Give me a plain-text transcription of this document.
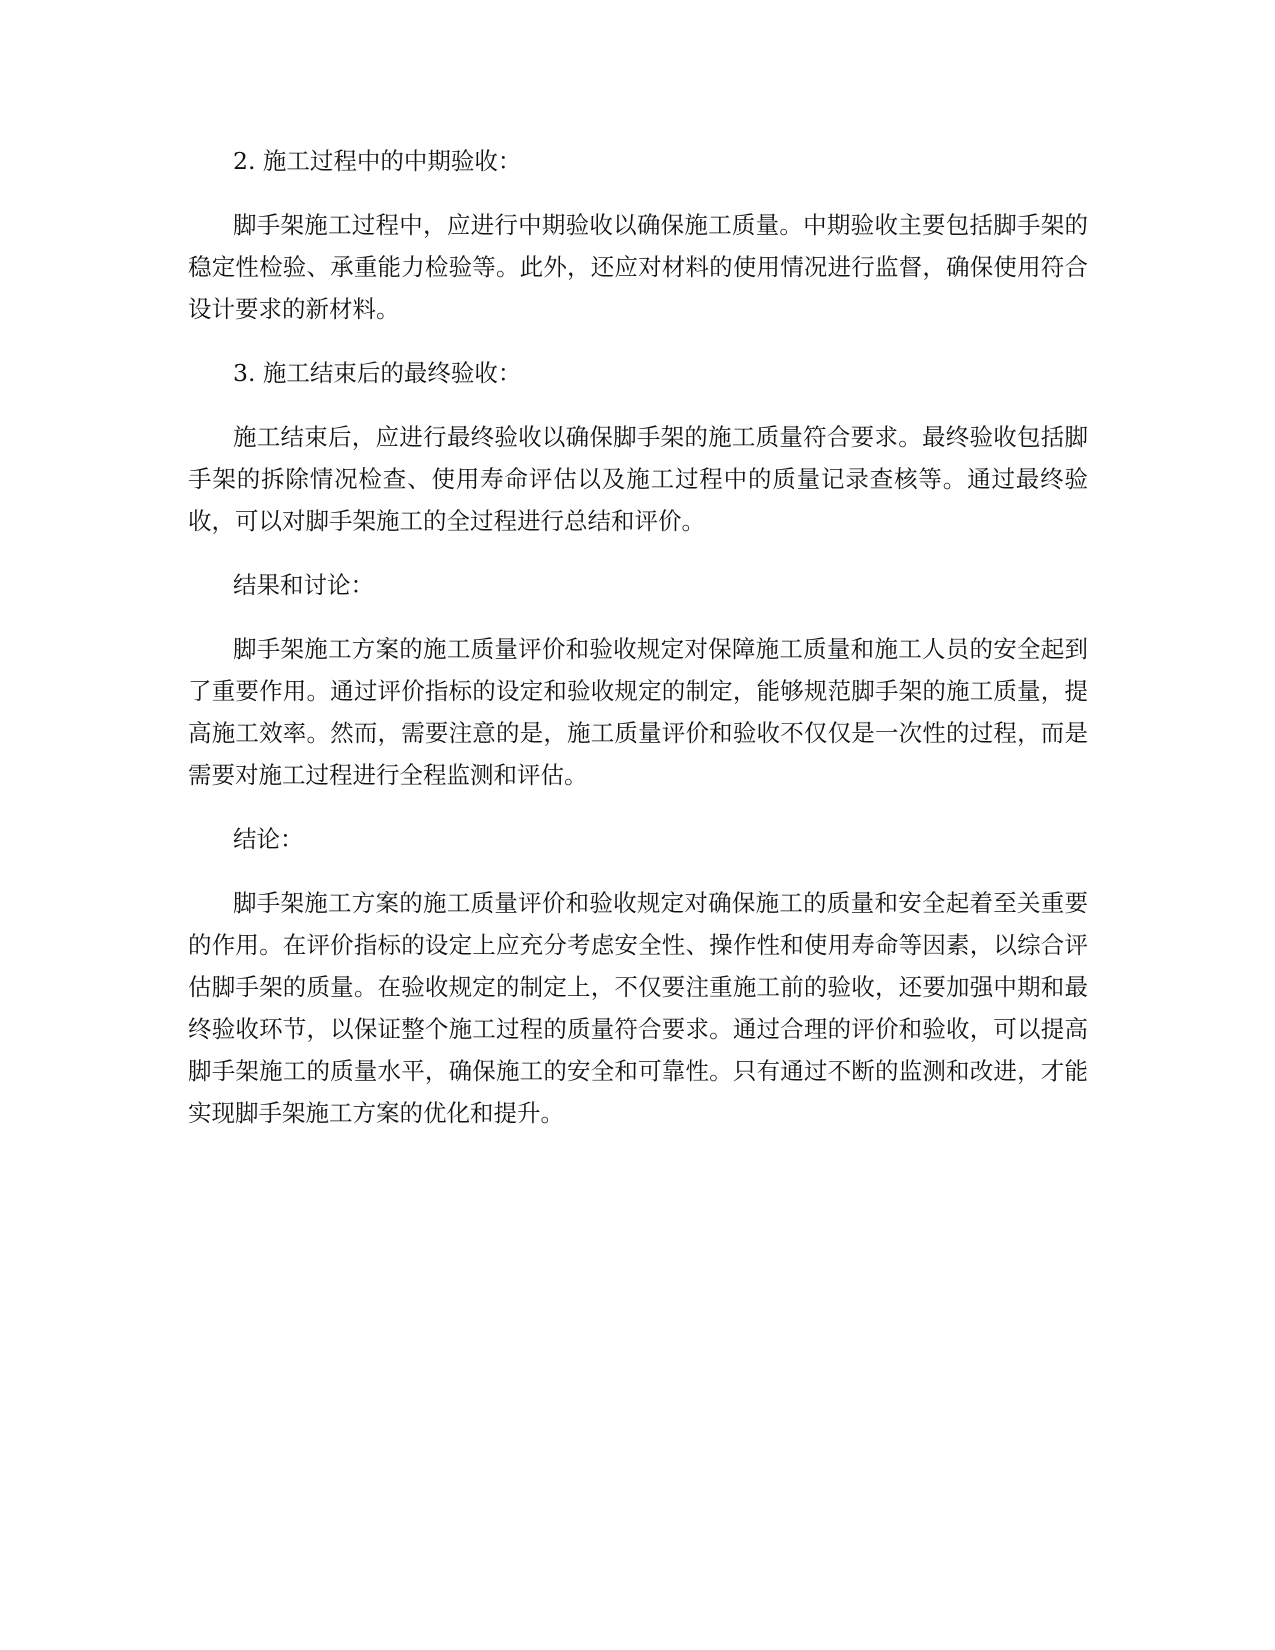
2. 施工过程中的中期验收：

脚手架施工过程中，应进行中期验收以确保施工质量。中期验收主要包括脚手架的稳定性检验、承重能力检验等。此外，还应对材料的使用情况进行监督，确保使用符合设计要求的新材料。

3. 施工结束后的最终验收：

施工结束后，应进行最终验收以确保脚手架的施工质量符合要求。最终验收包括脚手架的拆除情况检查、使用寿命评估以及施工过程中的质量记录查核等。通过最终验收，可以对脚手架施工的全过程进行总结和评价。

结果和讨论：

脚手架施工方案的施工质量评价和验收规定对保障施工质量和施工人员的安全起到了重要作用。通过评价指标的设定和验收规定的制定，能够规范脚手架的施工质量，提高施工效率。然而，需要注意的是，施工质量评价和验收不仅仅是一次性的过程，而是需要对施工过程进行全程监测和评估。

结论：

脚手架施工方案的施工质量评价和验收规定对确保施工的质量和安全起着至关重要的作用。在评价指标的设定上应充分考虑安全性、操作性和使用寿命等因素，以综合评估脚手架的质量。在验收规定的制定上，不仅要注重施工前的验收，还要加强中期和最终验收环节，以保证整个施工过程的质量符合要求。通过合理的评价和验收，可以提高脚手架施工的质量水平，确保施工的安全和可靠性。只有通过不断的监测和改进，才能实现脚手架施工方案的优化和提升。
